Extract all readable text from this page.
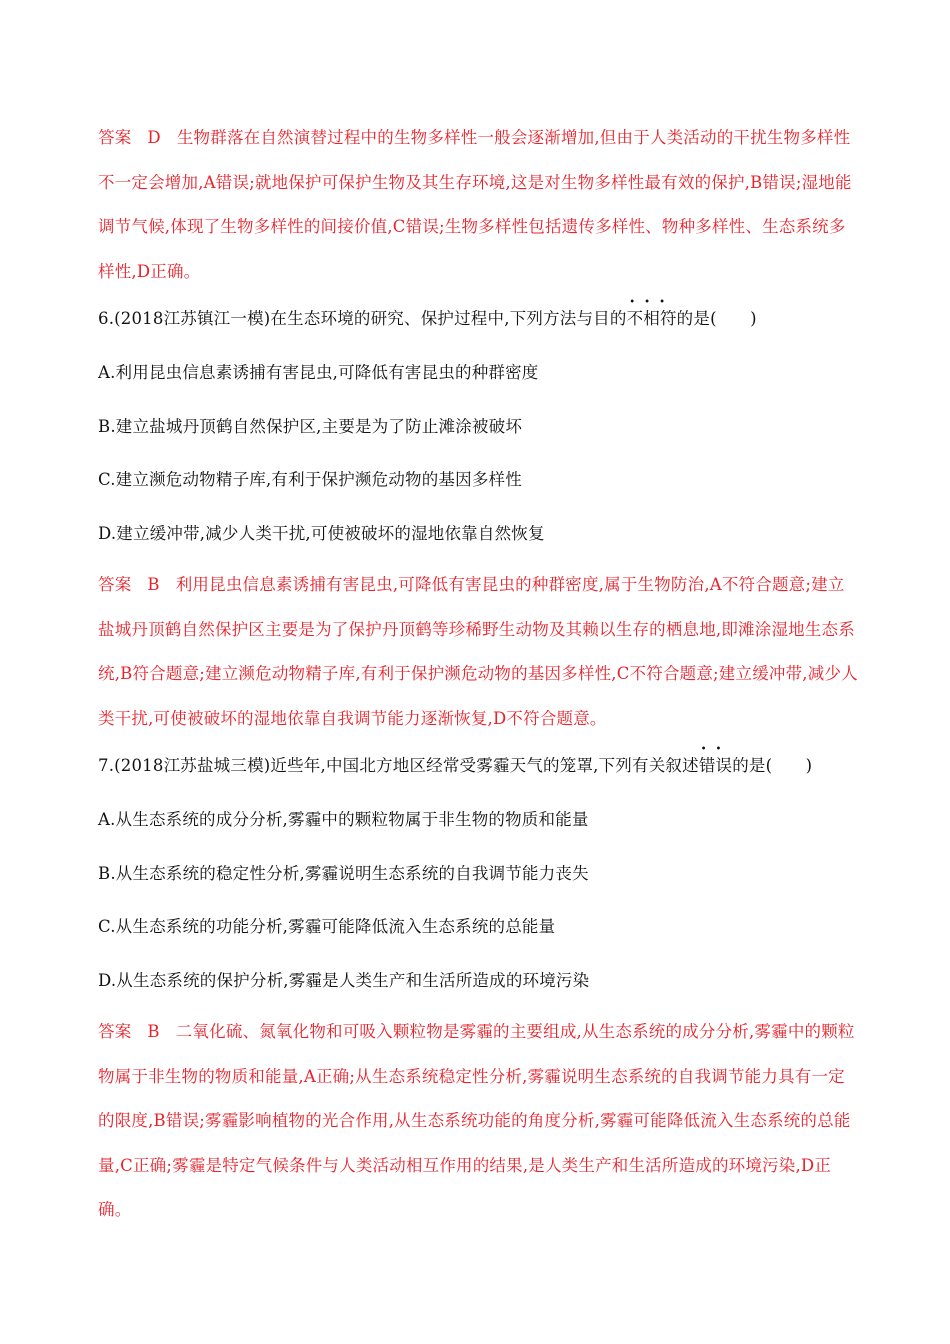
答案 D 生物群落在自然演替过程中的生物多样性一般会逐渐增加,但由于人类活动的干扰生物多样性不一定会增加,A错误;就地保护可保护生物及其生存环境,这是对生物多样性最有效的保护,B错误;湿地能调节气候,体现了生物多样性的间接价值,C错误;生物多样性包括遗传多样性、物种多样性、生态系统多样性,D正确。
6.(2018江苏镇江一模)在生态环境的研究、保护过程中,下列方法与目的
•••
不相符的是(　　)
A.利用昆虫信息素诱捕有害昆虫,可降低有害昆虫的种群密度
B.建立盐城丹顶鹤自然保护区,主要是为了防止滩涂被破坏
C.建立濒危动物精子库,有利于保护濒危动物的基因多样性
D.建立缓冲带,减少人类干扰,可使被破坏的湿地依靠自然恢复
答案 B 利用昆虫信息素诱捕有害昆虫,可降低有害昆虫的种群密度,属于生物防治,A不符合题意;建立盐城丹顶鹤自然保护区主要是为了保护丹顶鹤等珍稀野生动物及其赖以生存的栖息地,即滩涂湿地生态系统,B符合题意;建立濒危动物精子库,有利于保护濒危动物的基因多样性,C不符合题意;建立缓冲带,减少人类干扰,可使被破坏的湿地依靠自我调节能力逐渐恢复,D不符合题意。
7.(2018江苏盐城三模)近些年,中国北方地区经常受雾霾天气的笼罩,下列有关叙述
••
错误的是(　　)
A.从生态系统的成分分析,雾霾中的颗粒物属于非生物的物质和能量
B.从生态系统的稳定性分析,雾霾说明生态系统的自我调节能力丧失
C.从生态系统的功能分析,雾霾可能降低流入生态系统的总能量
D.从生态系统的保护分析,雾霾是人类生产和生活所造成的环境污染
答案 B 二氧化硫、氮氧化物和可吸入颗粒物是雾霾的主要组成,从生态系统的成分分析,雾霾中的颗粒物属于非生物的物质和能量,A正确;从生态系统稳定性分析,雾霾说明生态系统的自我调节能力具有一定的限度,B错误;雾霾影响植物的光合作用,从生态系统功能的角度分析,雾霾可能降低流入生态系统的总能量,C正确;雾霾是特定气候条件与人类活动相互作用的结果,是人类生产和生活所造成的环境污染,D正确。
